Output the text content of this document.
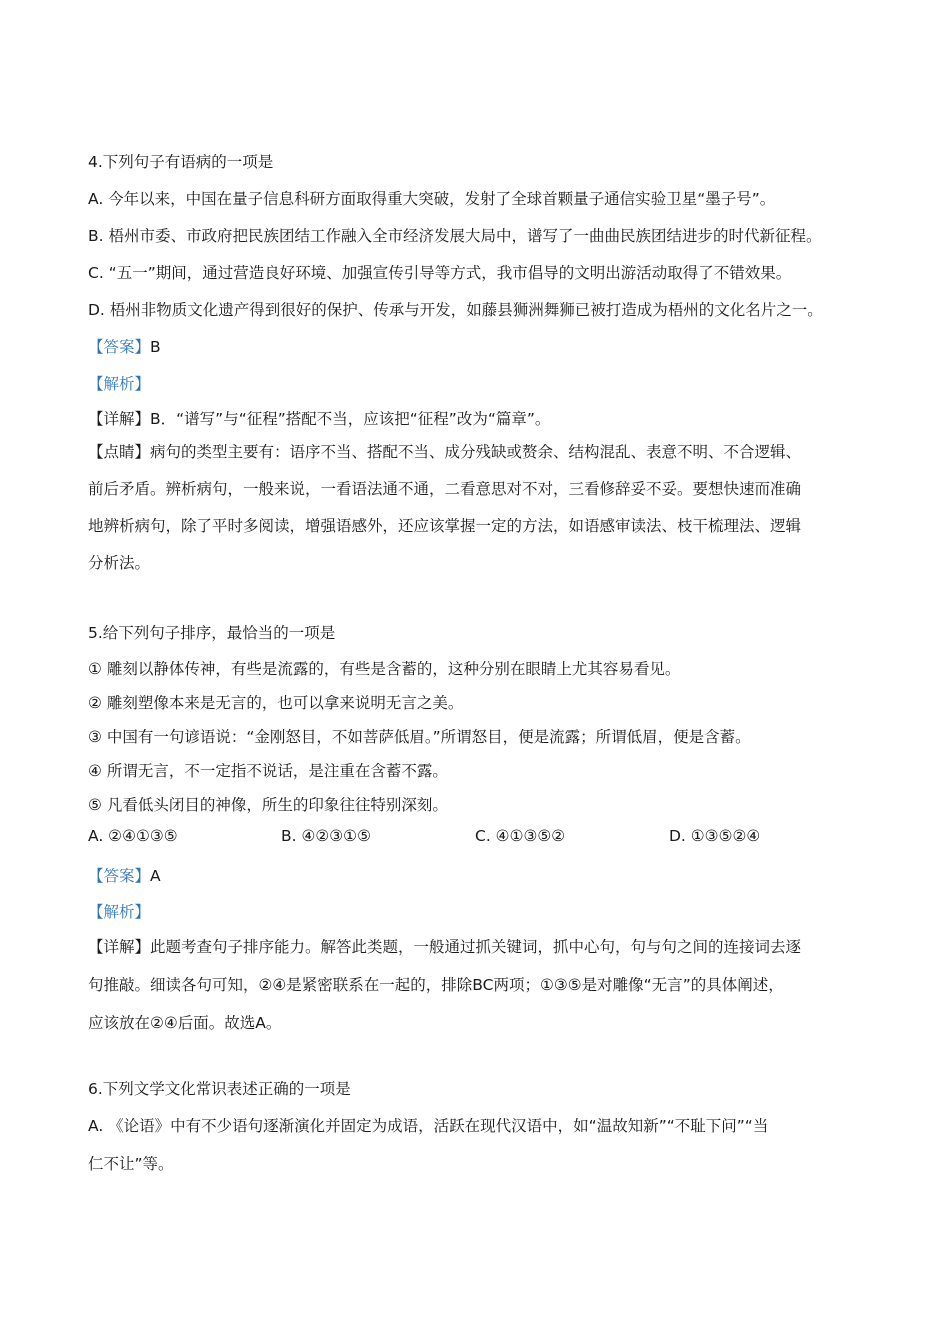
4.下列句子有语病的一项是
A. 今年以来，中国在量子信息科研方面取得重大突破，发射了全球首颗量子通信实验卫星“墨子号”。
B. 梧州市委、市政府把民族团结工作融入全市经济发展大局中，谱写了一曲曲民族团结进步的时代新征程。
C. “五一”期间，通过营造良好环境、加强宣传引导等方式，我市倡导的文明出游活动取得了不错效果。
D. 梧州非物质文化遗产得到很好的保护、传承与开发，如藤县狮洲舞狮已被打造成为梧州的文化名片之一。
【答案】B
【解析】
【详解】B．“谱写”与“征程”搭配不当，应该把“征程”改为“篇章”。
【点睛】病句的类型主要有：语序不当、搭配不当、成分残缺或赘余、结构混乱、表意不明、不合逻辑、
前后矛盾。辨析病句，一般来说，一看语法通不通，二看意思对不对，三看修辞妥不妥。要想快速而准确
地辨析病句，除了平时多阅读，增强语感外，还应该掌握一定的方法，如语感审读法、枝干梳理法、逻辑
分析法。
5.给下列句子排序，最恰当的一项是
① 雕刻以静体传神，有些是流露的，有些是含蓄的，这种分别在眼睛上尤其容易看见。
② 雕刻塑像本来是无言的，也可以拿来说明无言之美。
③ 中国有一句谚语说：“金刚怒目，不如菩萨低眉。”所谓怒目，便是流露；所谓低眉，便是含蓄。
④ 所谓无言，不一定指不说话，是注重在含蓄不露。
⑤ 凡看低头闭目的神像，所生的印象往往特别深刻。
A. ②④①③⑤	B. ④②③①⑤	C. ④①③⑤②	D. ①③⑤②④
【答案】A
【解析】
【详解】此题考查句子排序能力。解答此类题，一般通过抓关键词，抓中心句，句与句之间的连接词去逐
句推敲。细读各句可知，②④是紧密联系在一起的，排除BC两项；①③⑤是对雕像“无言”的具体阐述，
应该放在②④后面。故选A。
6.下列文学文化常识表述正确的一项是
A. 《论语》中有不少语句逐渐演化并固定为成语，活跃在现代汉语中，如“温故知新”“不耻下问”“当
仁不让”等。
